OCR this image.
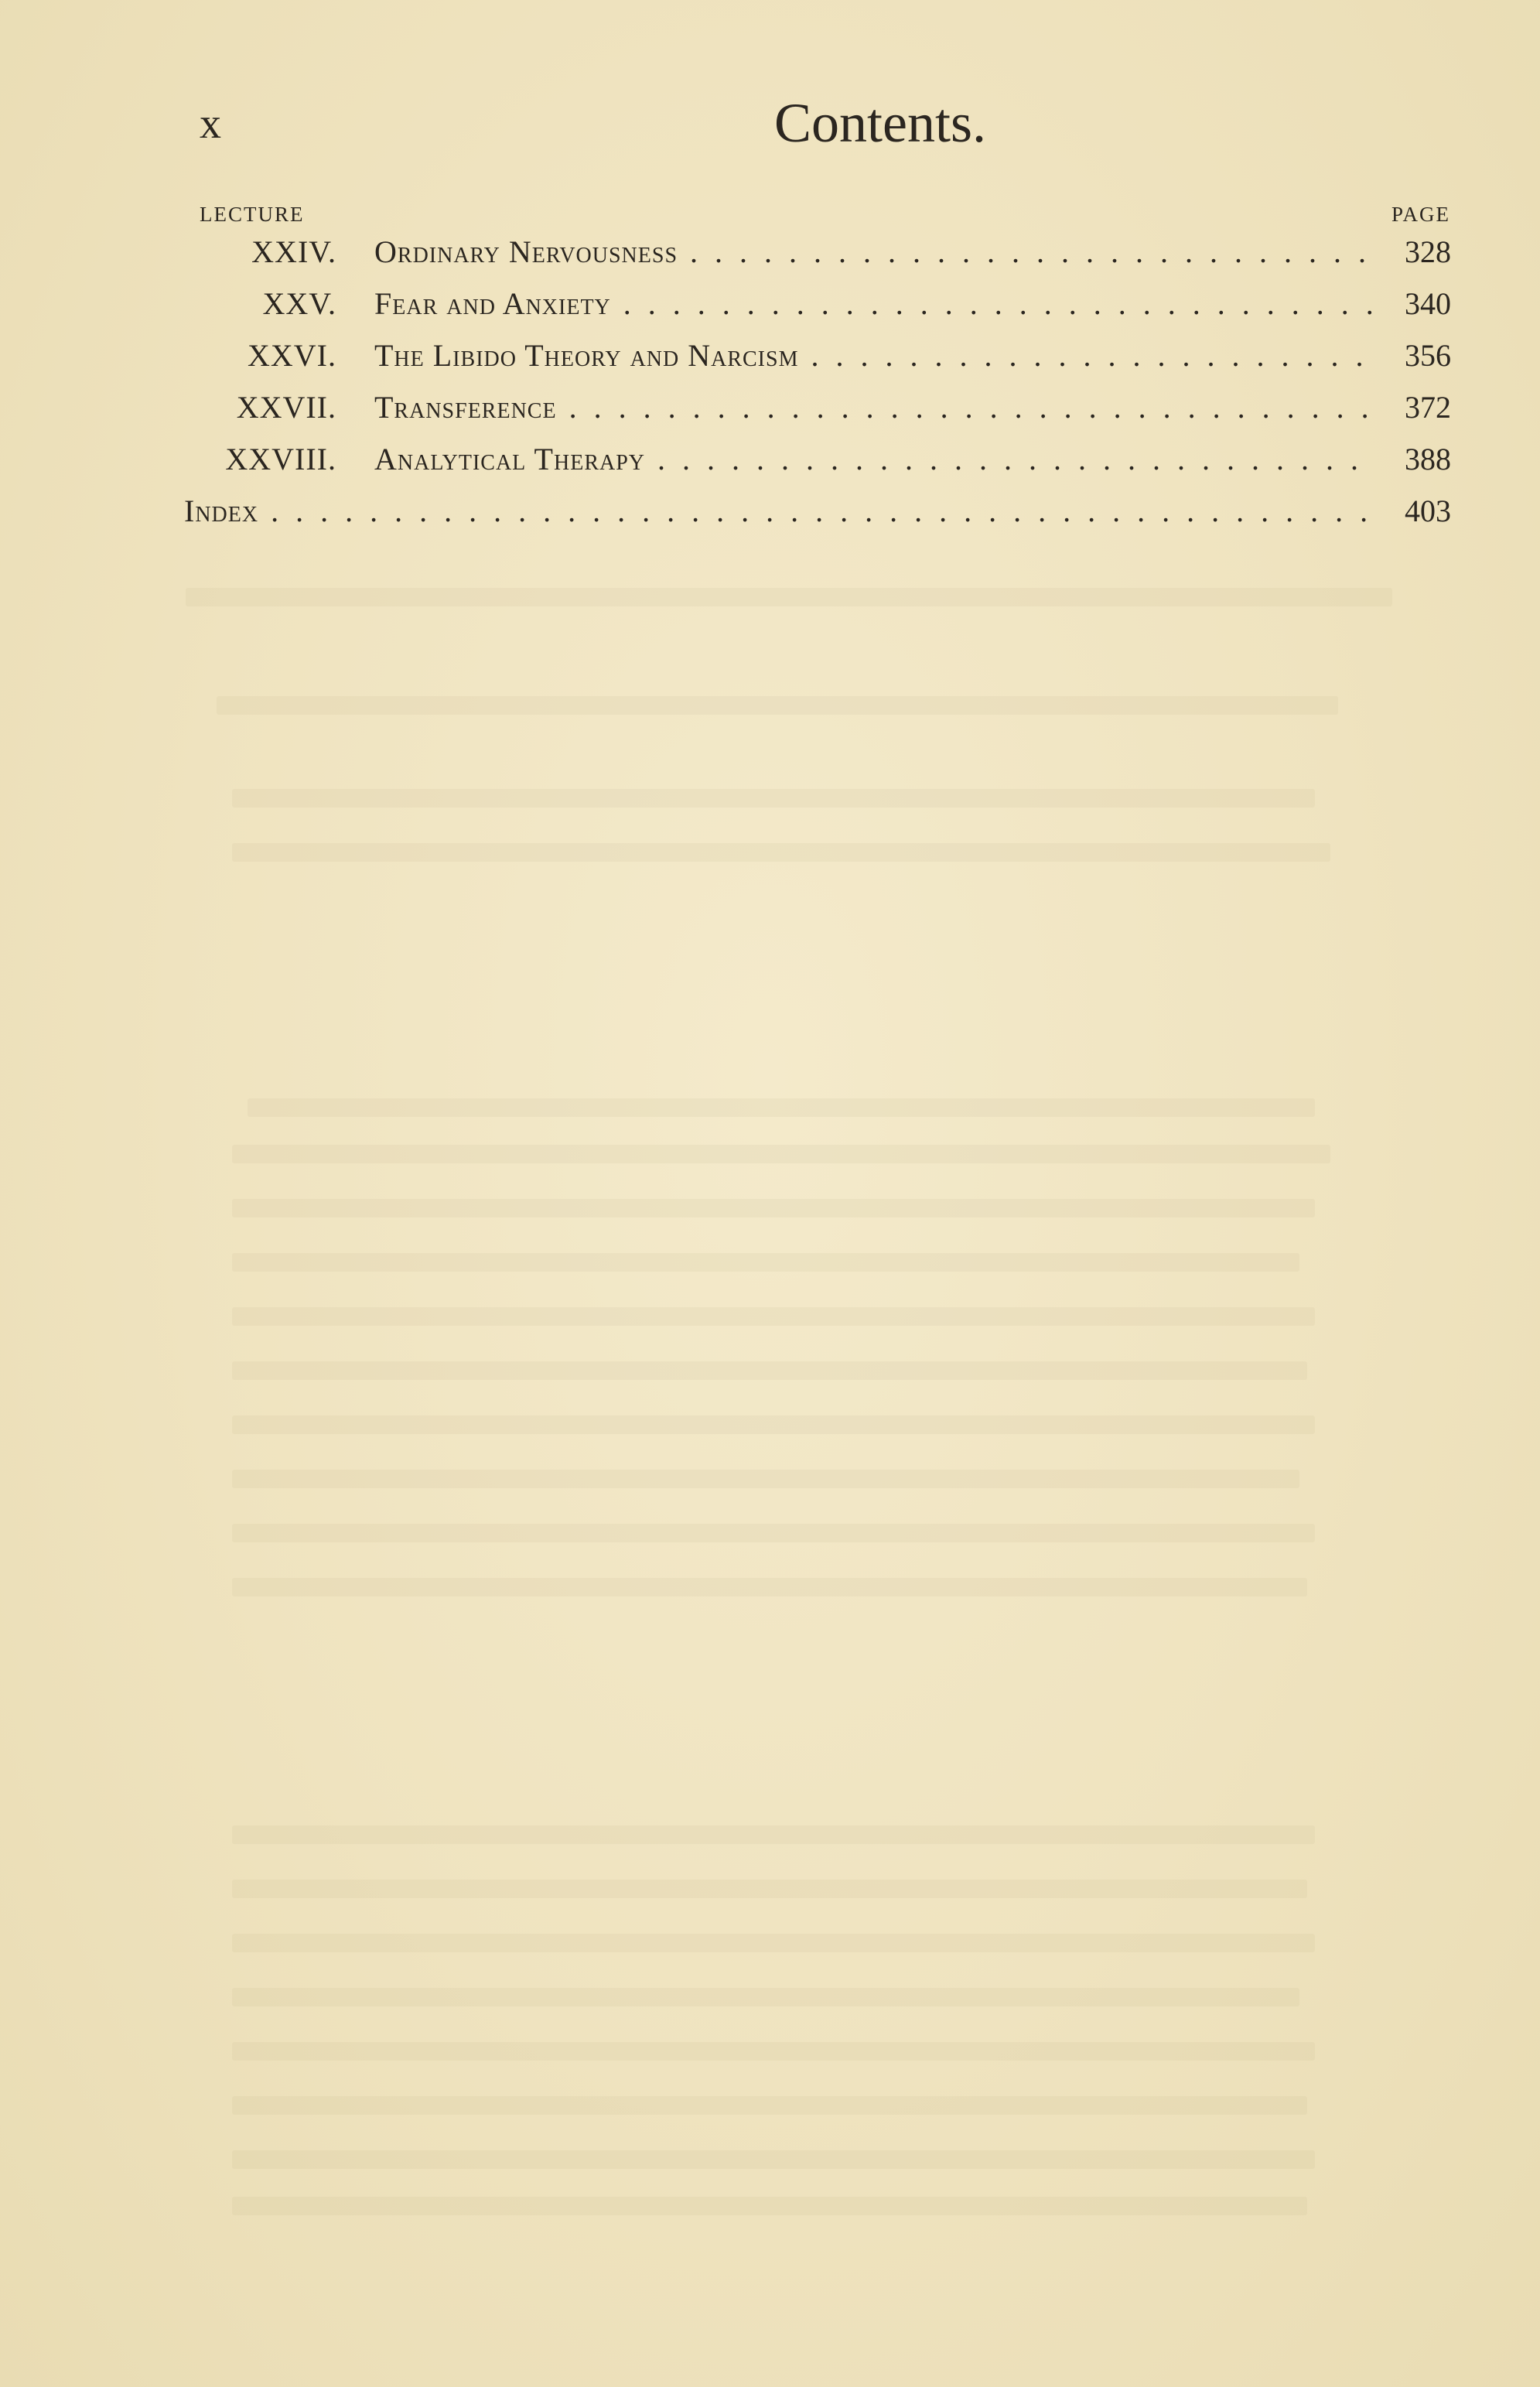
x	Contents.
LECTURE	PAGE
XXIV. Ordinary Nervousness . . .	328
XXV. Fear and Anxiety . . .	340
XXVI. The Libido Theory and Narcism . . .	356
XXVII. Transference . . .	372
XXVIII. Analytical Therapy . . .	388
Index . . .	403
